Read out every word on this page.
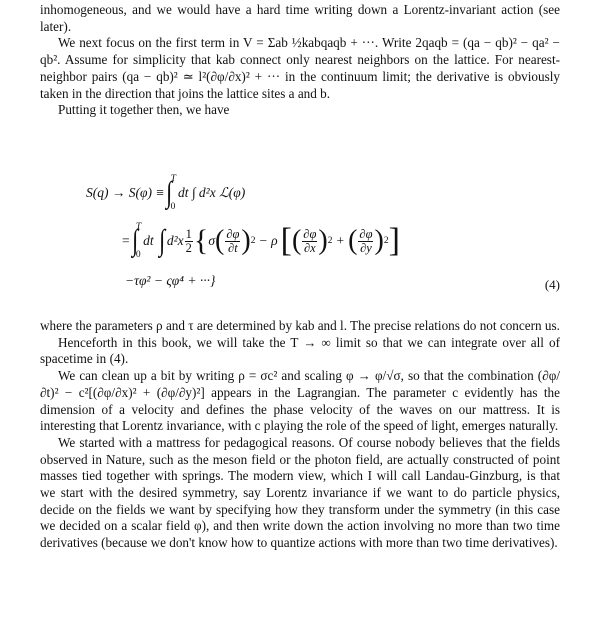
inhomogeneous, and we would have a hard time writing down a Lorentz-invariant action (see later).

We next focus on the first term in V = Σab ½kabqaqb + ···. Write 2qaqb = (qa − qb)² − qa² − qb². Assume for simplicity that kab connect only nearest neighbors on the lattice. For nearest-neighbor pairs (qa − qb)² ≃ l²(∂φ/∂x)² + ··· in the continuum limit; the derivative is obviously taken in the direction that joins the lattice sites a and b.

Putting it together then, we have

S(q) → S(φ) ≡ ∫
T
0
dt ∫ d²x ℒ(φ)
= ∫
T
0
dt ∫ $d^2x \frac{1}{2}$ { σ ( $\frac{\partial\varphi}{\partial t}$ ) 2 − ρ [ ( $\frac{\partial\varphi}{\partial x}$ ) 2 + ( $\frac{\partial\varphi}{\partial y}$ ) 2 ]
−τφ² − ςφ⁴ + ···}	(4)

where the parameters ρ and τ are determined by kab and l. The precise relations do not concern us.

Henceforth in this book, we will take the T → ∞ limit so that we can integrate over all of spacetime in (4).

We can clean up a bit by writing ρ = σc² and scaling φ → φ/√σ, so that the combination (∂φ/∂t)² − c²[(∂φ/∂x)² + (∂φ/∂y)²] appears in the Lagrangian. The parameter c evidently has the dimension of a velocity and defines the phase velocity of the waves on our mattress. It is interesting that Lorentz invariance, with c playing the role of the speed of light, emerges naturally.

We started with a mattress for pedagogical reasons. Of course nobody believes that the fields observed in Nature, such as the meson field or the photon field, are actually constructed of point masses tied together with springs. The modern view, which I will call Landau-Ginzburg, is that we start with the desired symmetry, say Lorentz invariance if we want to do particle physics, decide on the fields we want by specifying how they transform under the symmetry (in this case we decided on a scalar field φ), and then write down the action involving no more than two time derivatives (because we don't know how to quantize actions with more than two time derivatives).
